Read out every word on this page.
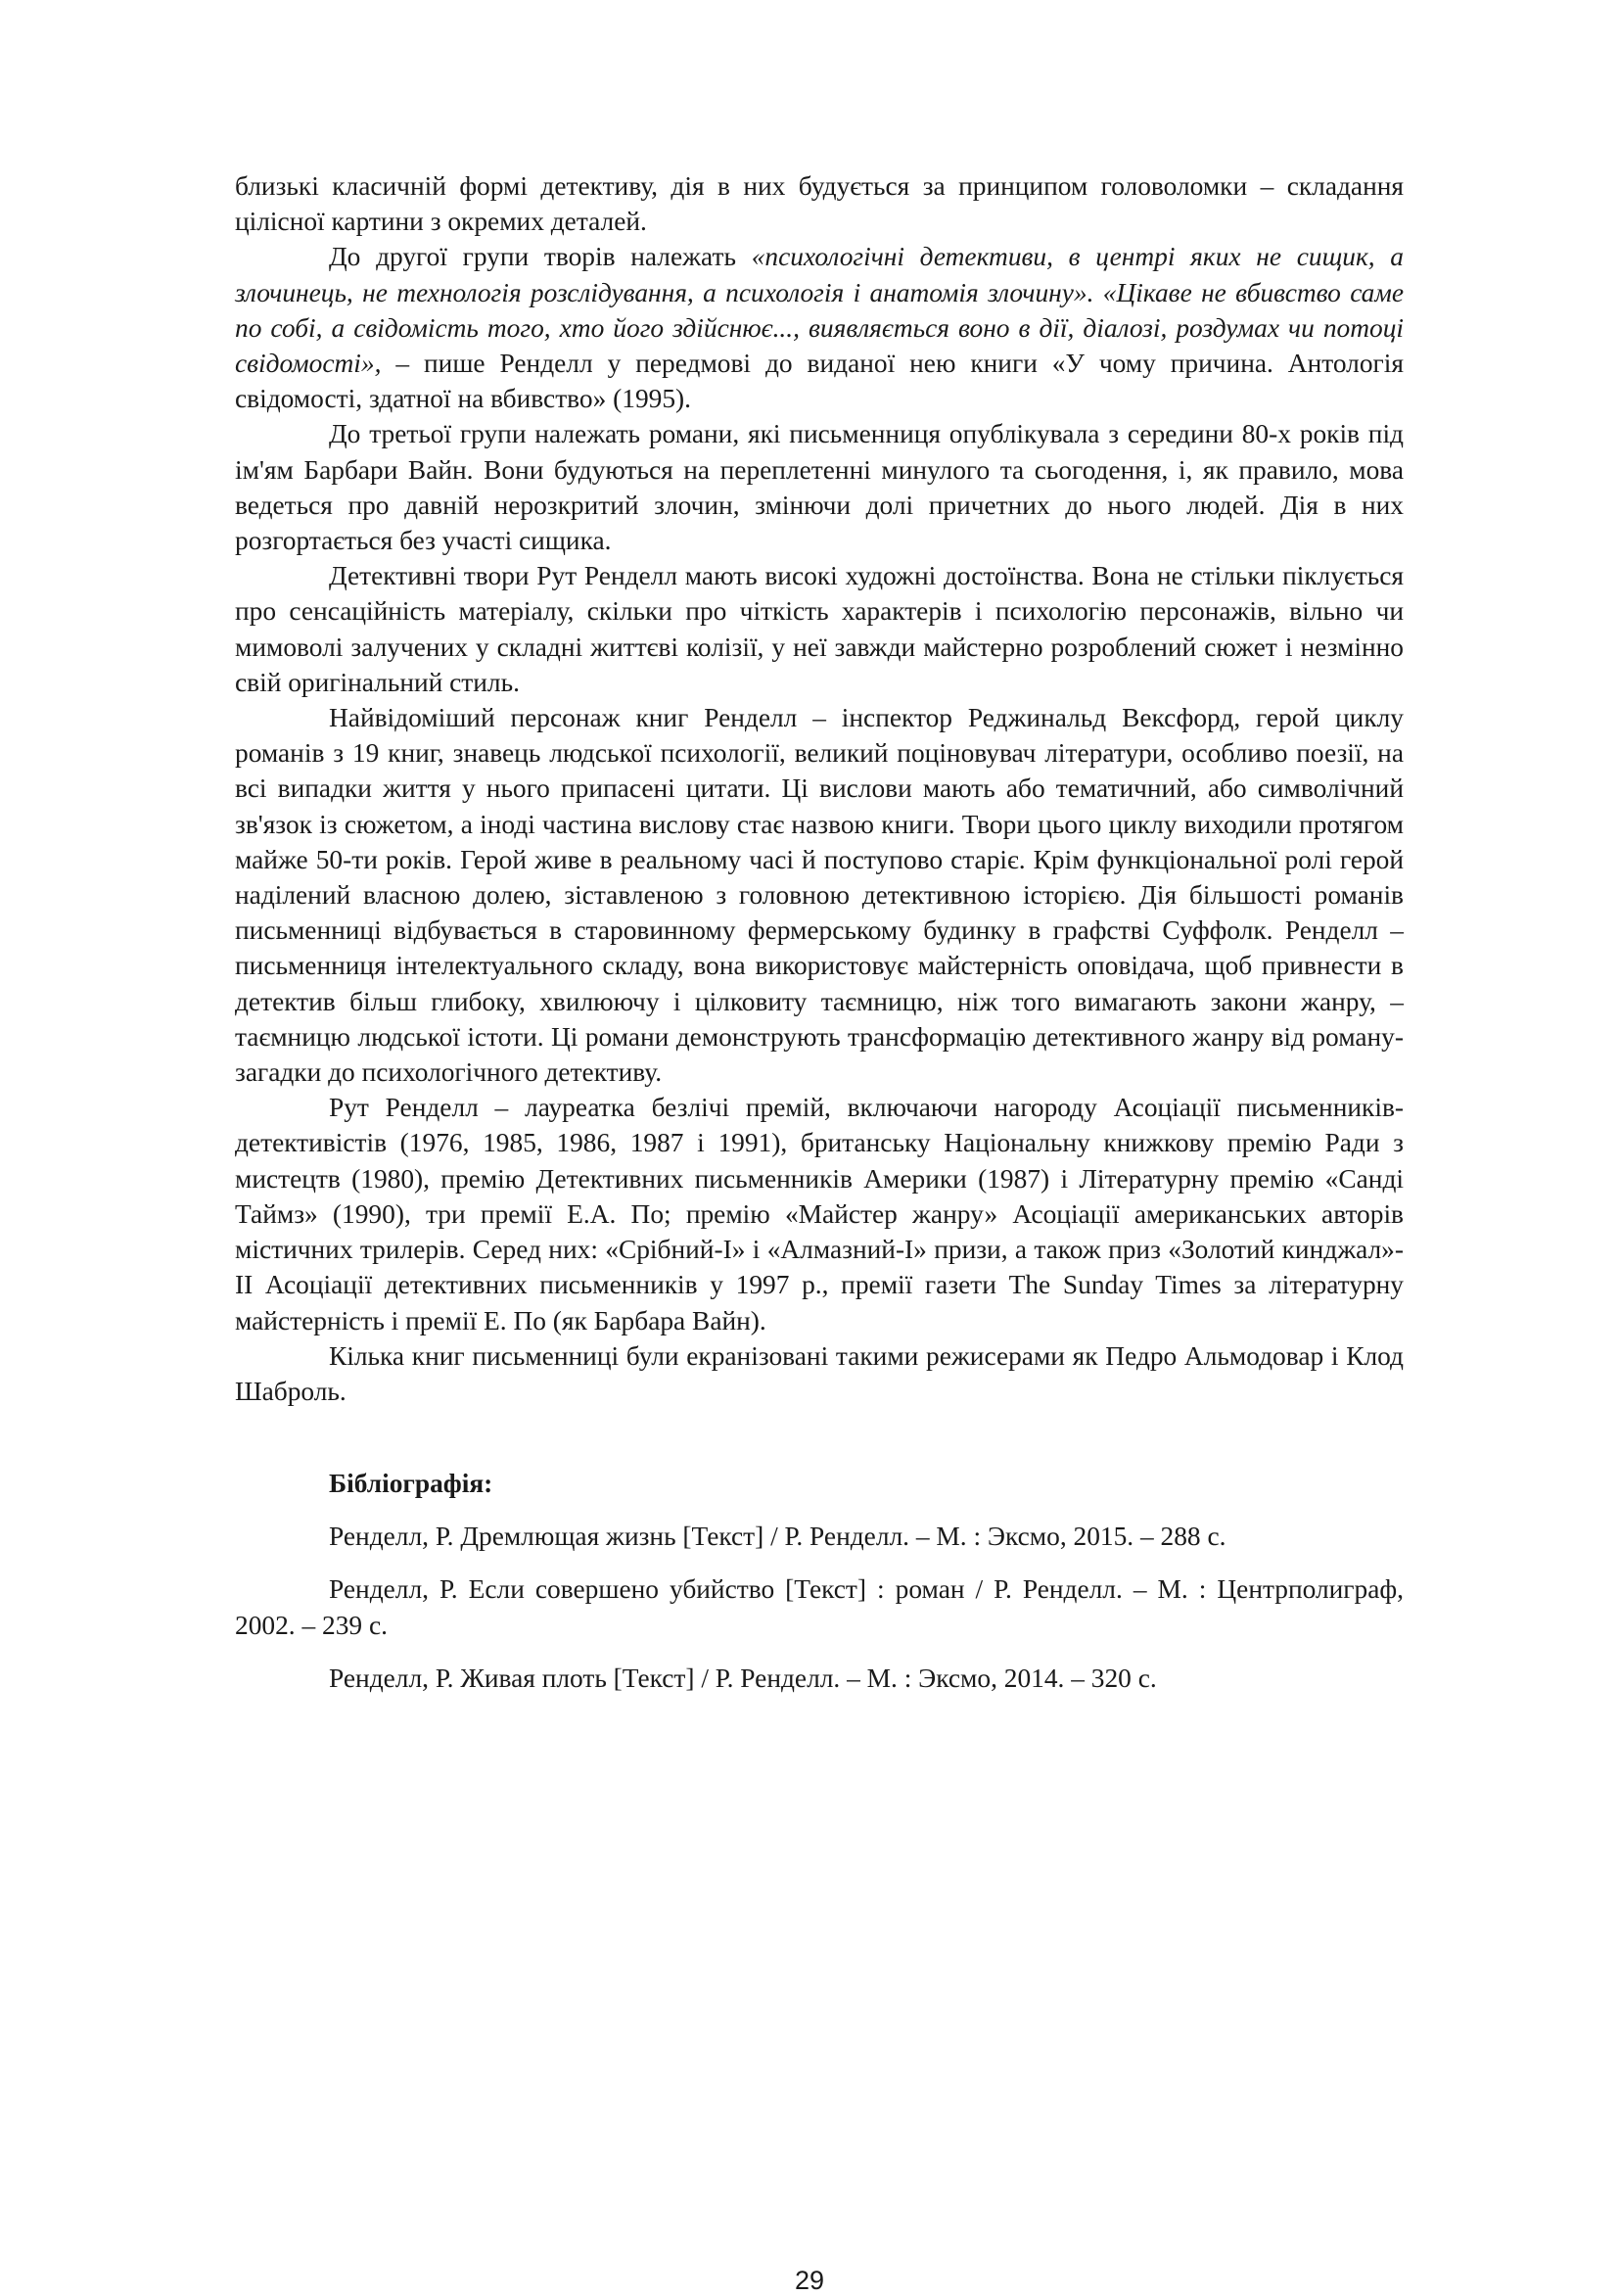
близькі класичній формі детективу, дія в них будується за принципом головоломки – складання цілісної картини з окремих деталей.

До другої групи творів належать «психологічні детективи, в центрі яких не сищик, а злочинець, не технологія розслідування, а психологія і анатомія злочину». «Цікаве не вбивство саме по собі, а свідомість того, хто його здійснює..., виявляється воно в дії, діалозі, роздумах чи потоці свідомості», – пише Ренделл у передмові до виданої нею книги «У чому причина. Антологія свідомості, здатної на вбивство» (1995).

До третьої групи належать романи, які письменниця опублікувала з середини 80-х років під ім'ям Барбари Вайн. Вони будуються на переплетенні минулого та сьогодення, і, як правило, мова ведеться про давній нерозкритий злочин, змінючи долі причетних до нього людей. Дія в них розгортається без участі сищика.

Детективні твори Рут Ренделл мають високі художні достоїнства. Вона не стільки піклується про сенсаційність матеріалу, скільки про чіткість характерів і психологію персонажів, вільно чи мимоволі залучених у складні життєві колізії, у неї завжди майстерно розроблений сюжет і незмінно свій оригінальний стиль.

Найвідоміший персонаж книг Ренделл – інспектор Реджинальд Вексфорд, герой циклу романів з 19 книг, знавець людської психології, великий поціновувач літератури, особливо поезії, на всі випадки життя у нього припасені цитати. Ці вислови мають або тематичний, або символічний зв'язок із сюжетом, а іноді частина вислову стає назвою книги. Твори цього циклу виходили протягом майже 50-ти років. Герой живе в реальному часі й поступово старіє. Крім функціональної ролі герой наділений власною долею, зіставленою з головною детективною історією. Дія більшості романів письменниці відбувається в старовинному фермерському будинку в графстві Суффолк. Ренделл – письменниця інтелектуального складу, вона використовує майстерність оповідача, щоб привнести в детектив більш глибоку, хвилюючу і цілковиту таємницю, ніж того вимагають закони жанру, – таємницю людської істоти. Ці романи демонструють трансформацію детективного жанру від роману-загадки до психологічного детективу.

Рут Ренделл – лауреатка безлічі премій, включаючи нагороду Асоціації письменників-детективістів (1976, 1985, 1986, 1987 і 1991), британську Національну книжкову премію Ради з мистецтв (1980), премію Детективних письменників Америки (1987) і Літературну премію «Санді Таймз» (1990), три премії Е.А. По; премію «Майстер жанру» Асоціації американських авторів містичних трилерів. Серед них: «Срібний-І» і «Алмазний-І» призи, а також приз «Золотий кинджал»-ІІ Асоціації детективних письменників у 1997 р., премії газети The Sunday Times за літературну майстерність і премії Е. По (як Барбара Вайн).

Кілька книг письменниці були екранізовані такими режисерами як Педро Альмодовар і Клод Шаброль.

Бібліографія:

Ренделл, Р. Дремлющая жизнь [Текст] / Р. Ренделл. – М. : Эксмо, 2015. – 288 с.

Ренделл, Р. Если совершено убийство [Текст] : роман / Р. Ренделл. – М. : Центрполиграф, 2002. – 239 с.

Ренделл, Р. Живая плоть [Текст] / Р. Ренделл. – М. : Эксмо, 2014. – 320 с.

29
